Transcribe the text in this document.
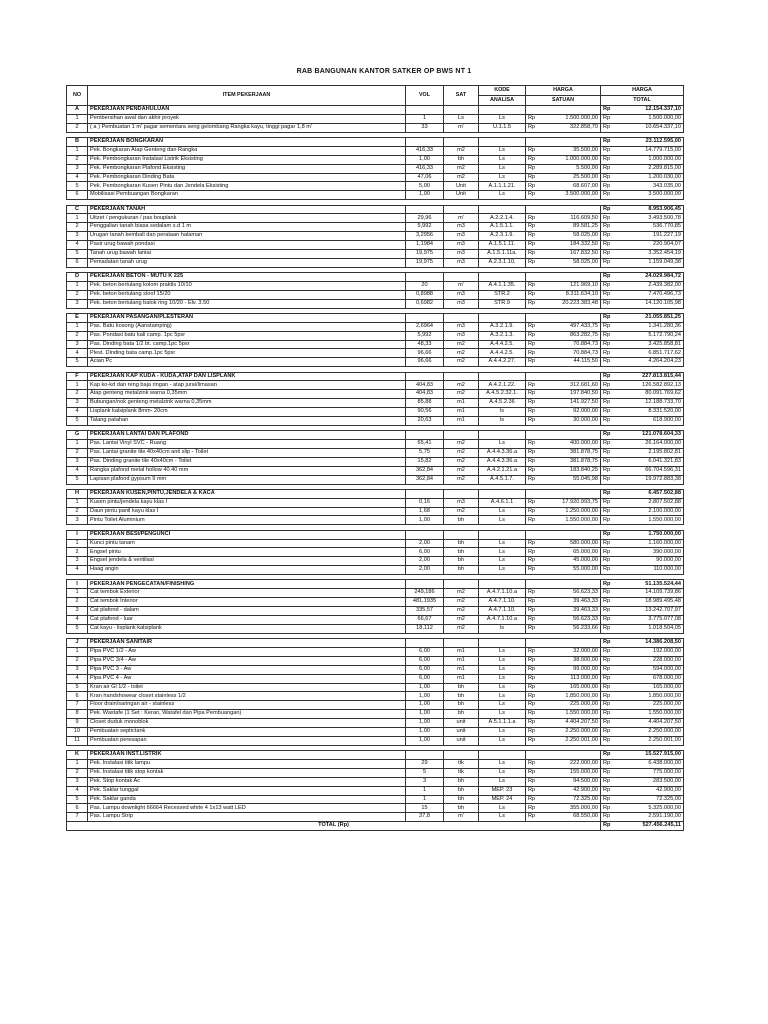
RAB BANGUNAN KANTOR SATKER OP BWS NT 1
NO	ITEM PEKERJAAN	VOL	SAT	KODE	HARGA		HARGA	
				ANALISA	SATUAN		TOTAL	
A	PEKERJAAN PENDAHULUAN						Rp	12.154.337,10
1	Pembersihan awal dan akhir proyek	1	Ls	Ls	Rp	1.500.000,00	Rp	1.500.000,00
2	( a ) Pembuatan 1 m' pagar sementara seng gelombang Rangka kayu, tinggi pagar 1,8 m'	33	m'	U.1.1.5	Rp	322.858,70	Rp	10.654.337,10

B	PEKERJAAN BONGKARAN						Rp	23.112.595,00
1	Pek. Bongkaran Atap Genteng dan Rangka	416,33	m2	Ls	Rp	35.500,00	Rp	14.779.715,00
2	Pek. Pembongkaran Instalasi Listrik Eksisting	1,00	bh	Ls	Rp	1.000.000,00	Rp	1.000.000,00
3	Pek. Pembongkaran Plafond Eksisting	416,33	m2	Ls	Rp	5.500,00	Rp	2.289.815,00
4	Pek. Pembongkaran Dinding Bata	47,06	m2	Ls	Rp	25.500,00	Rp	1.200.030,00
5	Pek. Pembongkaran Kusen Pintu dan Jendela Eksisting	5,00	Unit	A.1.1.1.21.	Rp	68.607,00	Rp	343.035,00
6	Mobilisasi Pembuangan Bongkaran	1,00	Unit	Ls	Rp	3.500.000,00	Rp	3.500.000,00

C	PEKERJAAN TANAH						Rp	8.953.906,45
1	Uitzet / pengukuran / pas bouplank	29,96	m'	A.2.2.1.4.	Rp	116.609,50	Rp	3.493.500,78
2	Penggalian tanah biasa sedalam s.d 1 m	5,992	m3	A.1.5.1.1.	Rp	89.581,25	Rp	536.770,85
3	Urugan tanah kembali dan perataan halaman	3,2956	m3	A.2.3.1.9.	Rp	58.025,00	Rp	191.227,19
4	Pasir urug bawah pondasi	1,1984	m3	A.1.5.1.11.	Rp	184.332,50	Rp	220.904,07
5	Tanah urug bawah lantai	19,975	m3	A.1.5.1.11a.	Rp	167.832,50	Rp	3.352.454,19
6	Pemadatan tanah urug	19,975	m3	A.2.3.1.10.	Rp	58.025,00	Rp	1.159.049,38

D	PEKERJAAN BETON - MUTU K 225						Rp	24.029.984,72
1	Pek. beton bertulang kolom praktis 10/10	20	m'	A.4.1.1.35.	Rp	121.969,10	Rp	2.439.382,00
2	Pek. beton bertulang sloof 15/20	0,8988	m3	STR.2	Rp	8.311.634,10	Rp	7.470.496,73
3	Pek. beton bertulang balok ring 10/20 - Elv. 3.50	0,6982	m3	STR.9	Rp	20.223.383,48	Rp	14.120.105,98

E	PEKERJAAN PASANGAN/PLESTERAN						Rp	21.055.851,25
1	Pas. Batu kosong (Aanstamping)	2,6964	m3	A.3.2.1.9.	Rp	497.433,75	Rp	1.341.280,36
2	Pas. Pondasi batu kali camp. 1pc 5psr	5,992	m3	A.3.2.1.3.	Rp	863.282,75	Rp	5.172.790,24
3	Pas. Dinding bata 1/2 bt. camp.1pc 5psr	48,33	m2	A.4.4.2.5.	Rp	70.884,73	Rp	3.425.858,81
4	Plest. Dinding bata camp.1pc 5psr	96,66	m2	A.4.4.2.5.	Rp	70.884,73	Rp	6.851.717,62
5	Acian Pc	96,66	m2	A.4.4.2.27.	Rp	44.115,50	Rp	4.264.204,23

F	PEKERJAAN KAP KUDA - KUDA,ATAP DAN LISPLANK						Rp	227.813.815,44
1	Kap ko-kd dan reng baja ringan - atap jurai/limasan	404,83	m2	A.4.2.1.22.	Rp	312.681,60	Rp	126.582.892,13
2	Atap genteng metalzink warna 0,35mm	404,83	m2	A.4.5.2.32.1.	Rp	197.840,50	Rp	80.091.769,62
3	Bubungan/nok genteng metalzink warna 0,35mm	85,88	m1	A.4.5.2.36	Rp	141.927,50	Rp	12.188.733,70
4	Lisplank kalsiplank 8mm- 20cm	90,56	m1	ls	Rp	92.000,00	Rp	8.331.520,00
5	Talang patahan	20,63	m1	ls	Rp	30.000,00	Rp	618.900,00

G	PEKERJAAN LANTAI DAN PLAFOND						Rp	121.078.604,33
1	Pas. Lantai Vinyl SVC - Ruang	65,41	m2	Ls	Rp	400.000,00	Rp	26.164.000,00
2	Pas. Lantai granite tile 40x40cm anti slip - Toilet	5,75	m2	A.4.4.3.36.a	Rp	381.878,75	Rp	2.195.802,81
3	Pas. Dinding granite tile 40x40cm - Toilet	15,82	m2	A.4.4.3.36.a	Rp	381.878,75	Rp	6.041.321,83
4	Rangka plafond metal hollow 40.40 mm	362,84	m2	A.4.2.1.21.a	Rp	183.840,25	Rp	66.704.596,31
5	Lapisan plafond gypsum 9 mm	362,84	m2	A.4.5.1.7.	Rp	55.045,98	Rp	19.972.883,38

H	PEKERJAAN KUSEN,PINTU,JENDELA & KACA						Rp	6.457.502,88
1	Kusen pintu/jendela kayu klas I	0,16	m3	A.4.6.1.1	Rp	17.920.993,75	Rp	2.807.502,88
2	Daun pintu panil kayu klas I	1,68	m2	Ls	Rp	1.250.000,00	Rp	2.100.000,00
3	Pintu Toilet Aluminium	1,00	bh	Ls	Rp	1.550.000,00	Rp	1.550.000,00

I	PEKERJAAN BESI/PENGUNCI						Rp	1.750.000,00
1	Kunci pintu tanam	2,00	bh	Ls	Rp	580.000,00	Rp	1.160.000,00
2	Engsel pintu	6,00	bh	Ls	Rp	65.000,00	Rp	390.000,00
3	Engsel jendela & ventilasi	2,00	bh	Ls	Rp	45.000,00	Rp	90.000,00
4	Haag angin	2,00	bh	Ls	Rp	55.000,00	Rp	110.000,00

I	PEKERJAAN PENGECATAN/FINISHING						Rp	51.135.524,44
1	Cat tembok Exterior	249,186	m2	A.4.7.1.10.a	Rp	56.623,33	Rp	14.109.739,86
2	Cat tembok Interior	481,1935	m2	A.4.7.1.10.	Rp	39.463,33	Rp	18.989.495,48
3	Cat plafond - dalam	335,57	m2	A.4.7.1.10.	Rp	39.463,33	Rp	13.242.707,97
4	Cat plafond - luar	66,67	m2	A.4.7.1.10.a	Rp	56.623,33	Rp	3.775.077,08
5	Cat kayu - lisplank kalsiplank	18,112	m2	ls	Rp	56.233,66	Rp	1.018.504,05

J	PEKERJAAN SANITAIR						Rp	14.386.208,50
1	Pipa PVC 1/2 - Aw	6,00	m1	Ls	Rp	32.000,00	Rp	192.000,00
2	Pipa PVC 3/4 - Aw	6,00	m1	Ls	Rp	38.000,00	Rp	228.000,00
3	Pipa PVC 3 - Aw	6,00	m1	Ls	Rp	99.000,00	Rp	594.000,00
4	Pipa PVC 4 - Aw	6,00	m1	Ls	Rp	113.000,00	Rp	678.000,00
5	Kran air Gl 1/2 - toilet	1,00	bh	Ls	Rp	165.000,00	Rp	165.000,00
6	Kran handshowear closet stainless 1/2	1,00	bh	Ls	Rp	1.850.000,00	Rp	1.850.000,00
7	Floor drain/saringan air - stainless	1,00	bh	Ls	Rp	225.000,00	Rp	225.000,00
8	Pek. Wastafe (1 Set : Keran, Watafel dan Pipa Pembuangan)	1,00	bh	Ls	Rp	1.550.000,00	Rp	1.550.000,00
9	Closet duduk monoblok	1,00	unit	A.5.1.1.1.a	Rp	4.404.207,50	Rp	4.404.207,50
10	Pembuatan septictank	1,00	unit	Ls	Rp	2.250.000,00	Rp	2.250.000,00
11	Pembuatan peresapan	1,00	unit	Ls	Rp	2.250.001,00	Rp	2.250.001,00

K	PEKERJAAN INST.LISTRIK						Rp	15.527.915,00
1	Pek. Instalasi titik lampu	29	ttk	Ls	Rp	222.000,00	Rp	6.438.000,00
2	Pek. Instalasi titik stop kontak	5	ttk	Ls	Rp	155.000,00	Rp	775.000,00
3	Pek. Stop kontak Ac	3	bh	Ls	Rp	94.500,00	Rp	283.500,00
4	Pek. Saklar tunggal	1	bh	MEP. 23	Rp	42.900,00	Rp	42.900,00
5	Pek. Saklar ganda	1	bh	MEP. 24	Rp	72.325,00	Rp	72.325,00
6	Pas. Lampu downlight 66664 Recessed white 4 1x13 watt LED	15	bh	Ls	Rp	355.000,00	Rp	5.325.000,00
7	Pas. Lampu Strip	37,8	m'	Ls	Rp	68.550,00	Rp	2.591.190,00
TOTAL (Rp)							Rp	527.456.245,11
